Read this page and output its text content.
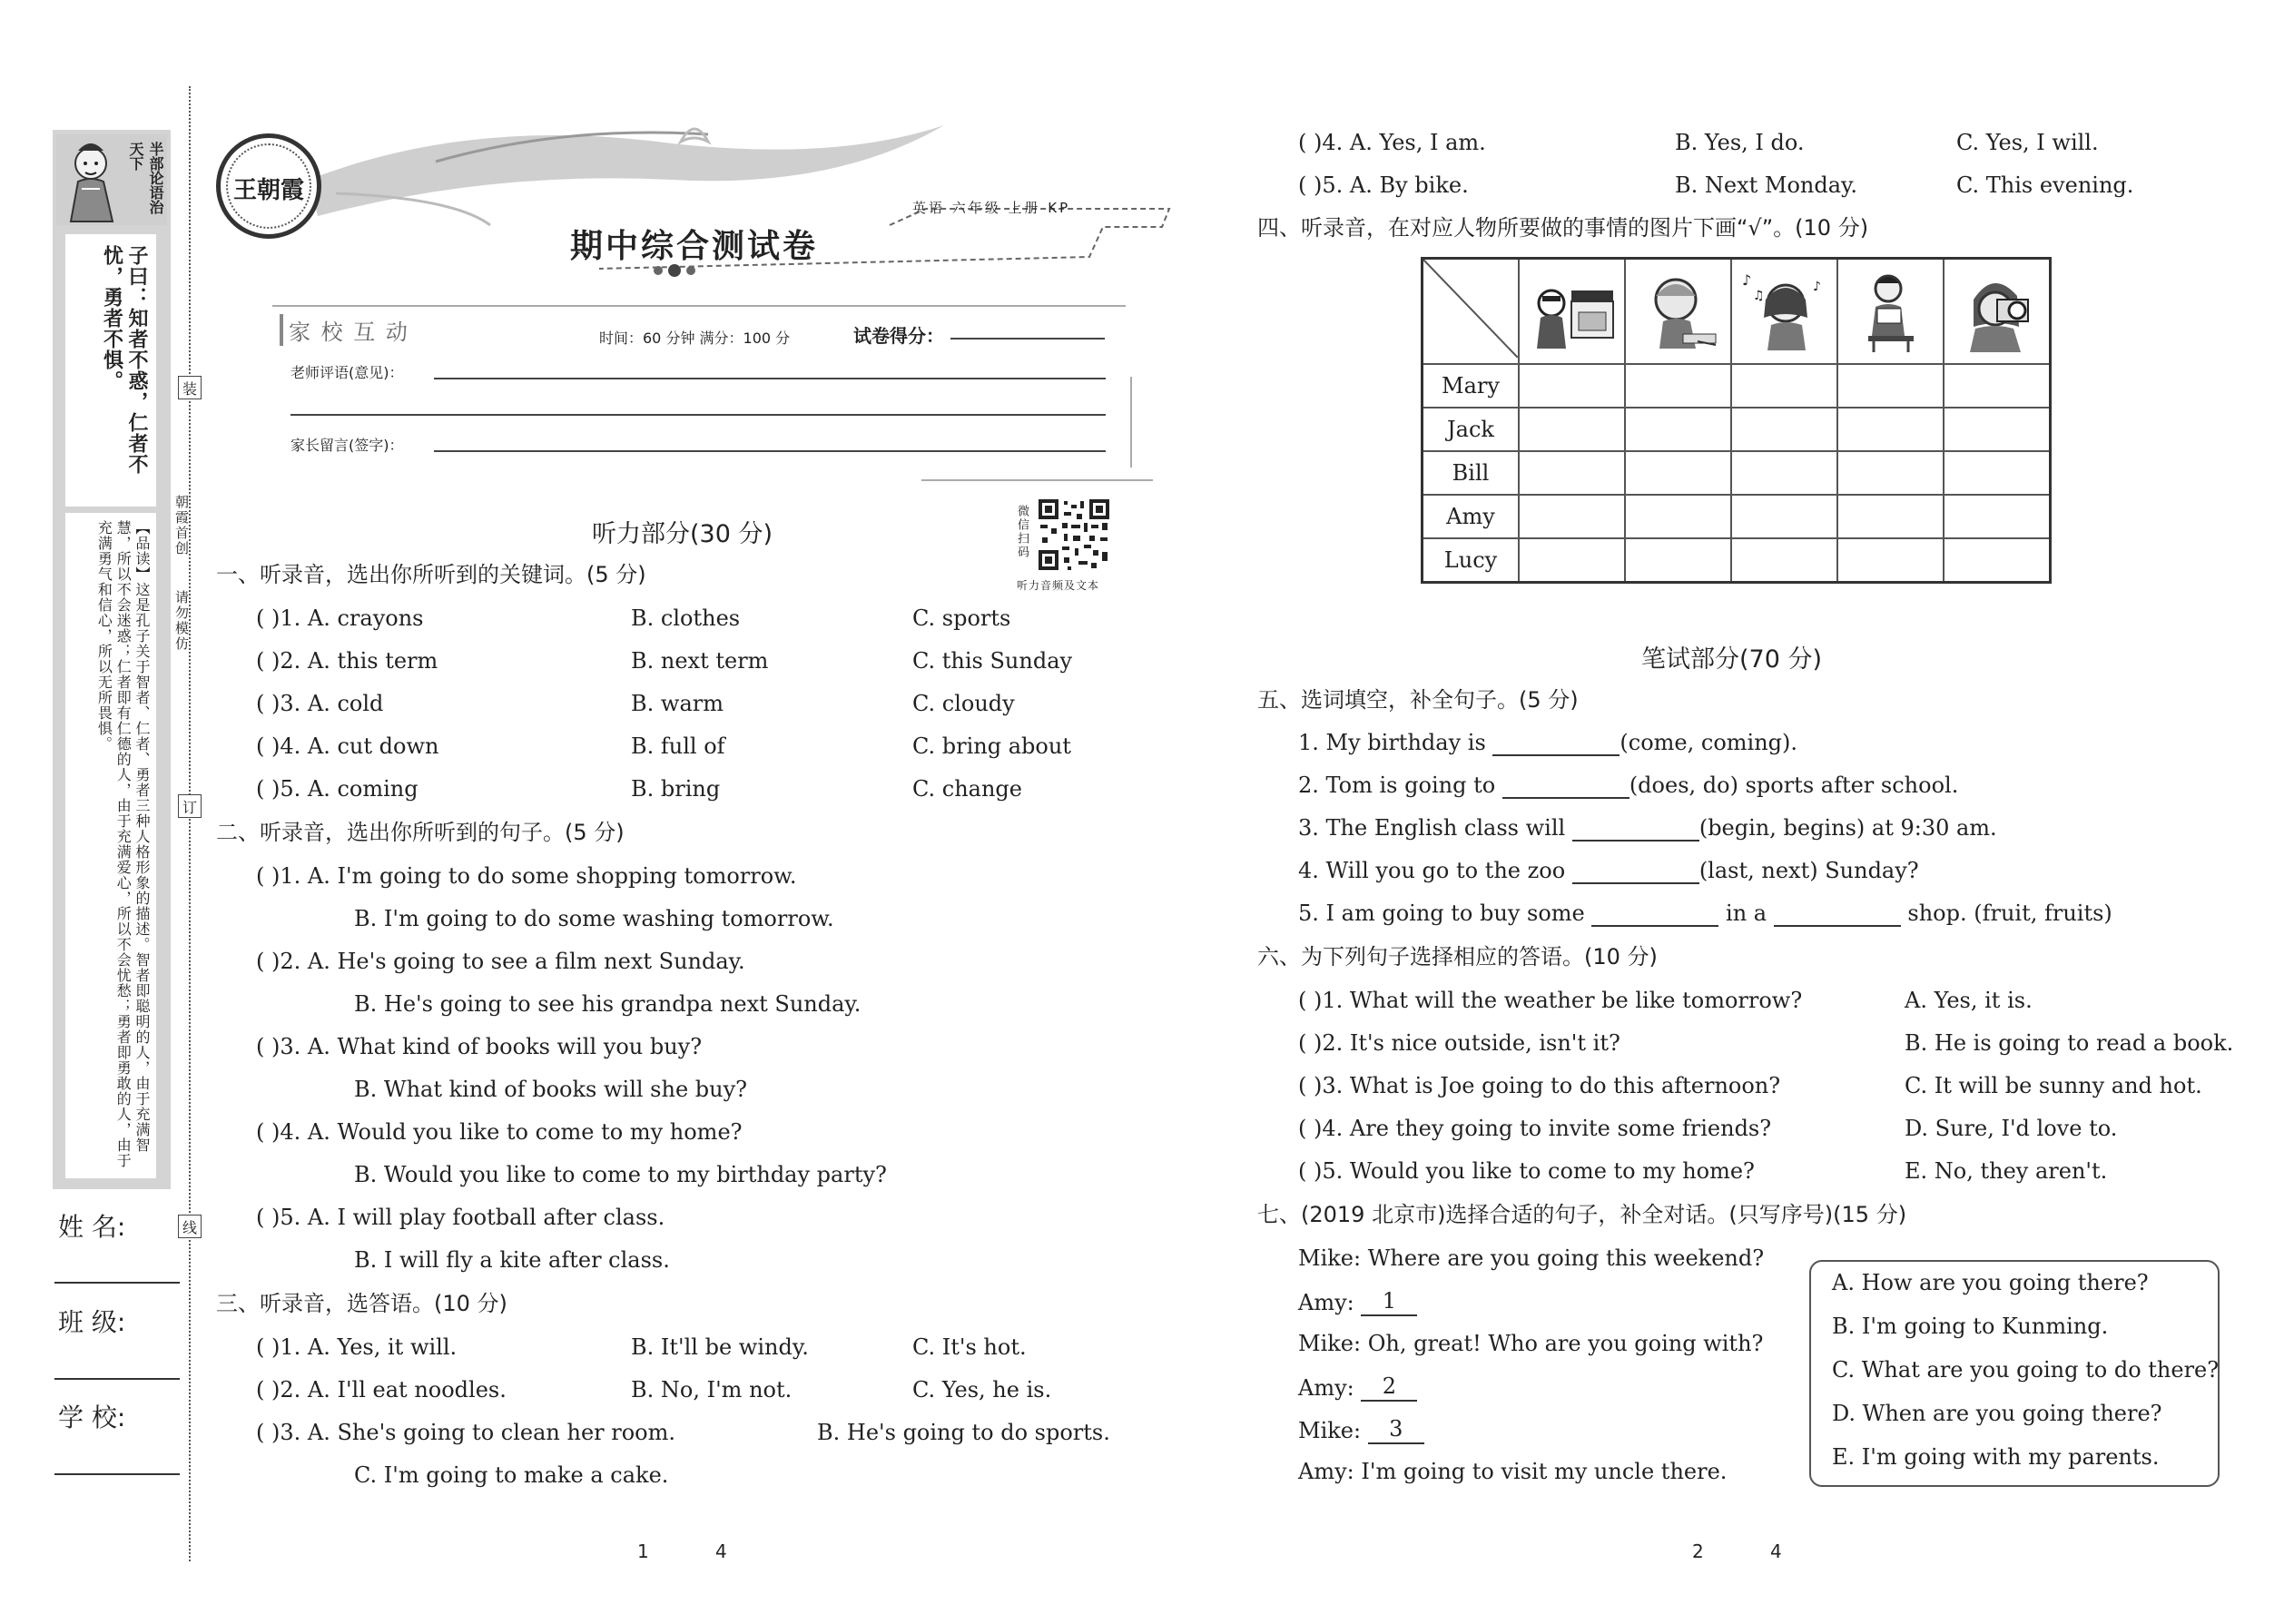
半部论语治天下
子曰：知者不惑，仁者不忧，勇者不惧。
【品读】这是孔子关于智者、仁者、勇者三种人格形象的描述。智者即聪明的人，由于充满智慧，所以不会迷惑；仁者即有仁德的人，由于充满爱心，所以不会忧愁；勇者即勇敢的人，由于充满勇气和信心，所以无所畏惧。
姓 名:
班 级:
学 校:
装
订
线
朝霞首创
请勿模仿
王朝霞
期中综合测试卷
英语 六年级 上册 KP
家 校 互 动	时间：60 分钟 满分：100 分	试卷得分：
老师评语(意见)：
家长留言(签字)：
微信扫码
听力音频及文本
听力部分(30 分)
一、听录音，选出你所听到的关键词。(5 分)
( )1. A. crayons	B. clothes	C. sports
( )2. A. this term	B. next term	C. this Sunday
( )3. A. cold	B. warm	C. cloudy
( )4. A. cut down	B. full of	C. bring about
( )5. A. coming	B. bring	C. change
二、听录音，选出你所听到的句子。(5 分)
( )1. A. I'm going to do some shopping tomorrow.
B. I'm going to do some washing tomorrow.
( )2. A. He's going to see a film next Sunday.
B. He's going to see his grandpa next Sunday.
( )3. A. What kind of books will you buy?
B. What kind of books will she buy?
( )4. A. Would you like to come to my home?
B. Would you like to come to my birthday party?
( )5. A. I will play football after class.
B. I will fly a kite after class.
三、听录音，选答语。(10 分)
( )1. A. Yes, it will.	B. It'll be windy.	C. It's hot.
( )2. A. I'll eat noodles.	B. No, I'm not.	C. Yes, he is.
( )3. A. She's going to clean her room.	B. He's going to do sports.
C. I'm going to make a cake.
1	4
( )4. A. Yes, I am.	B. Yes, I do.	C. Yes, I will.
( )5. A. By bike.	B. Next Monday.	C. This evening.
四、听录音，在对应人物所要做的事情的图片下画“√”。(10 分)

♪
♫
♪

Mary					
Jack					
Bill					
Amy					
Lucy					
笔试部分(70 分)
五、选词填空，补全句子。(5 分)
1. My birthday is	(come, coming).
2. Tom is going to	(does, do) sports after school.
3. The English class will	(begin, begins) at 9:30 am.
4. Will you go to the zoo	(last, next) Sunday?
5. I am going to buy some	in a	shop. (fruit, fruits)
六、为下列句子选择相应的答语。(10 分)
( )1. What will the weather be like tomorrow?	A. Yes, it is.
( )2. It's nice outside, isn't it?	B. He is going to read a book.
( )3. What is Joe going to do this afternoon?	C. It will be sunny and hot.
( )4. Are they going to invite some friends?	D. Sure, I'd love to.
( )5. Would you like to come to my home?	E. No, they aren't.
七、(2019 北京市)选择合适的句子，补全对话。(只写序号)(15 分)
Mike: Where are you going this weekend?
Amy: 1
Mike: Oh, great! Who are you going with?
Amy: 2
Mike: 3
Amy: I'm going to visit my uncle there.
A. How are you going there?
B. I'm going to Kunming.
C. What are you going to do there?
D. When are you going there?
E. I'm going with my parents.
2	4
